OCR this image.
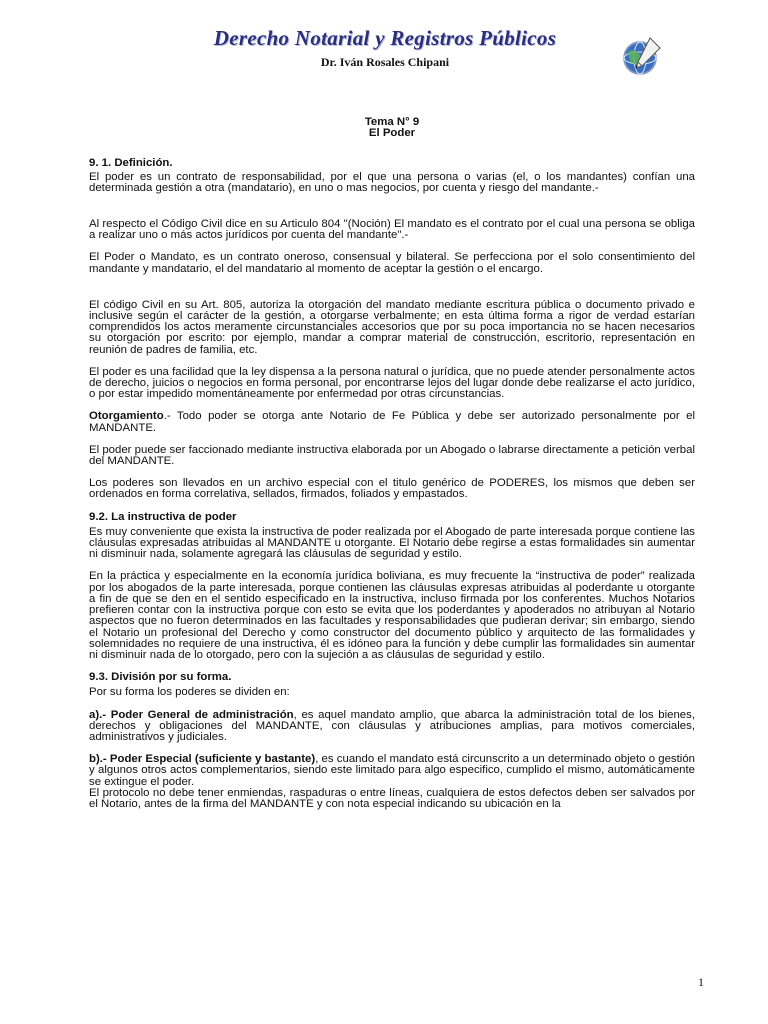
Derecho Notarial y Registros Públicos
Dr. Iván Rosales Chipani
Tema N° 9
El Poder
9. 1. Definición.

El poder es un contrato de responsabilidad, por el que una persona o varias (el, o los mandantes) confían una determinada gestión a otra (mandatario), en uno o mas negocios, por cuenta y riesgo del mandante.-

Al respecto el Código Civil dice en su Articulo 804 "(Noción) El mandato es el contrato por el cual una persona se obliga a realizar uno o más actos jurídicos por cuenta del mandante".-

El Poder o Mandato, es un contrato oneroso, consensual y bilateral. Se perfecciona por el solo consentimiento del mandante y mandatario, el del mandatario al momento de aceptar la gestión o el encargo.

El código Civil en su Art. 805, autoriza la otorgación del mandato mediante escritura pública o documento privado e inclusive según el carácter de la gestión, a otorgarse verbalmente; en esta última forma a rigor de verdad estarían comprendidos los actos meramente circunstanciales accesorios que por su poca importancia no se hacen necesarios su otorgación por escrito: por ejemplo, mandar a comprar material de construcción, escritorio, representación en reunión de padres de familia, etc.

El poder es una facilidad que la ley dispensa a la persona natural o jurídica, que no puede atender personalmente actos de derecho, juicios o negocios en forma personal, por encontrarse lejos del lugar donde debe realizarse el acto jurídico, o por estar impedido momentáneamente por enfermedad por otras circunstancias.

Otorgamiento.- Todo poder se otorga ante Notario de Fe Pública y debe ser autorizado personalmente por el MANDANTE.

El poder puede ser faccionado mediante instructiva elaborada por un Abogado o labrarse directamente a petición verbal del MANDANTE.

Los poderes son llevados en un archivo especial con el titulo genérico de PODERES, los mismos que deben ser ordenados en forma correlativa, sellados, firmados, foliados y empastados.

9.2. La instructiva de poder

Es muy conveniente que exista la instructiva de poder realizada por el Abogado de parte interesada porque contiene las cláusulas expresadas atribuidas al MANDANTE u otorgante. El Notario debe regirse a estas formalidades sin aumentar ni disminuir nada, solamente agregará las cláusulas de seguridad y estilo.

En la práctica y especialmente en la economía jurídica boliviana, es muy frecuente la “instructiva de poder” realizada por los abogados de la parte interesada, porque contienen las cláusulas expresas atribuidas al poderdante u otorgante a fin de que se den en el sentido especificado en la instructiva, incluso firmada por los conferentes. Muchos Notarios prefieren contar con la instructiva porque con esto se evita que los poderdantes y apoderados no atribuyan al Notario aspectos que no fueron determinados en las facultades y responsabilidades que pudieran derivar; sin embargo, siendo el Notario un profesional del Derecho y como constructor del documento público y arquitecto de las formalidades y solemnidades no requiere de una instructiva, él es idóneo para la función y debe cumplir las formalidades sin aumentar ni disminuir nada de lo otorgado, pero con la sujeción a as cláusulas de seguridad y estilo.

9.3. División por su forma.

Por su forma los poderes se dividen en:

a).- Poder General de administración, es aquel mandato amplio, que abarca la administración total de los bienes, derechos y obligaciones del MANDANTE, con cláusulas y atribuciones amplias, para motivos comerciales, administrativos y judiciales.

b).- Poder Especial (suficiente y bastante), es cuando el mandato está circunscrito a un determinado objeto o gestión y algunos otros actos complementarios, siendo este limitado para algo especifico, cumplido el mismo, automáticamente se extingue el poder.

El protocolo no debe tener enmiendas, raspaduras o entre líneas, cualquiera de estos defectos deben ser salvados por el Notario, antes de la firma del MANDANTE y con nota especial indicando su ubicación en la

1
